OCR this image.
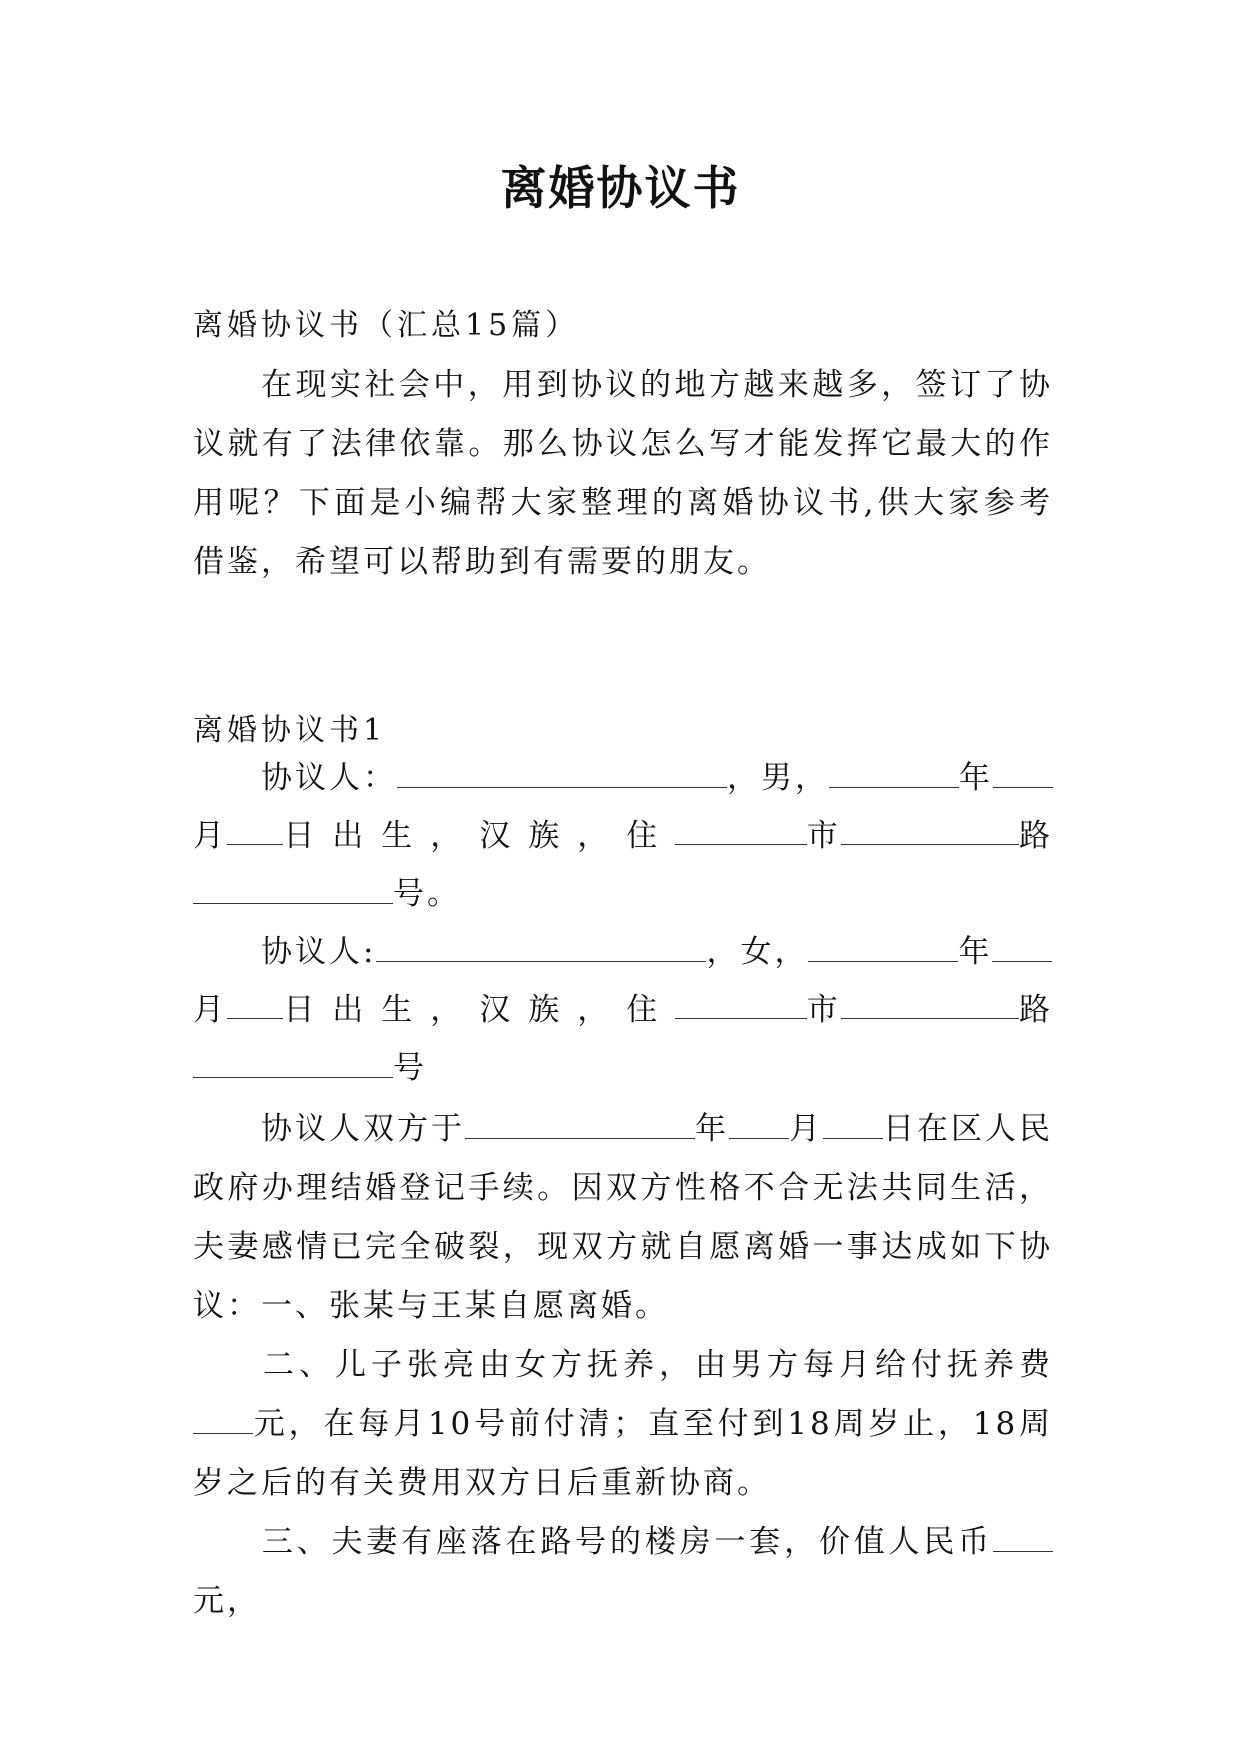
离婚协议书
离婚协议书（汇总15篇）
在现实社会中，用到协议的地方越来越多，签订了协议就有了法律依靠。那么协议怎么写才能发挥它最大的作用呢？下面是小编帮大家整理的离婚协议书,供大家参考借鉴，希望可以帮助到有需要的朋友。
离婚协议书1
协议人：	，男，	年
月 日出生，汉族，住	市	路
号。
协议人:	，女，	年
月 日出生，汉族，住	市	路
号
协议人双方于	年 月 日在区人民政府办理结婚登记手续。因双方性格不合无法共同生活，夫妻感情已完全破裂，现双方就自愿离婚一事达成如下协议： 一、张某与王某自愿离婚。
二、儿子张亮由女方抚养，由男方每月给付抚养费元，在每月10号前付清；直至付到18周岁止，18周岁之后的有关费用双方日后重新协商。
三、夫妻有座落在路号的楼房一套，价值人民币元，
